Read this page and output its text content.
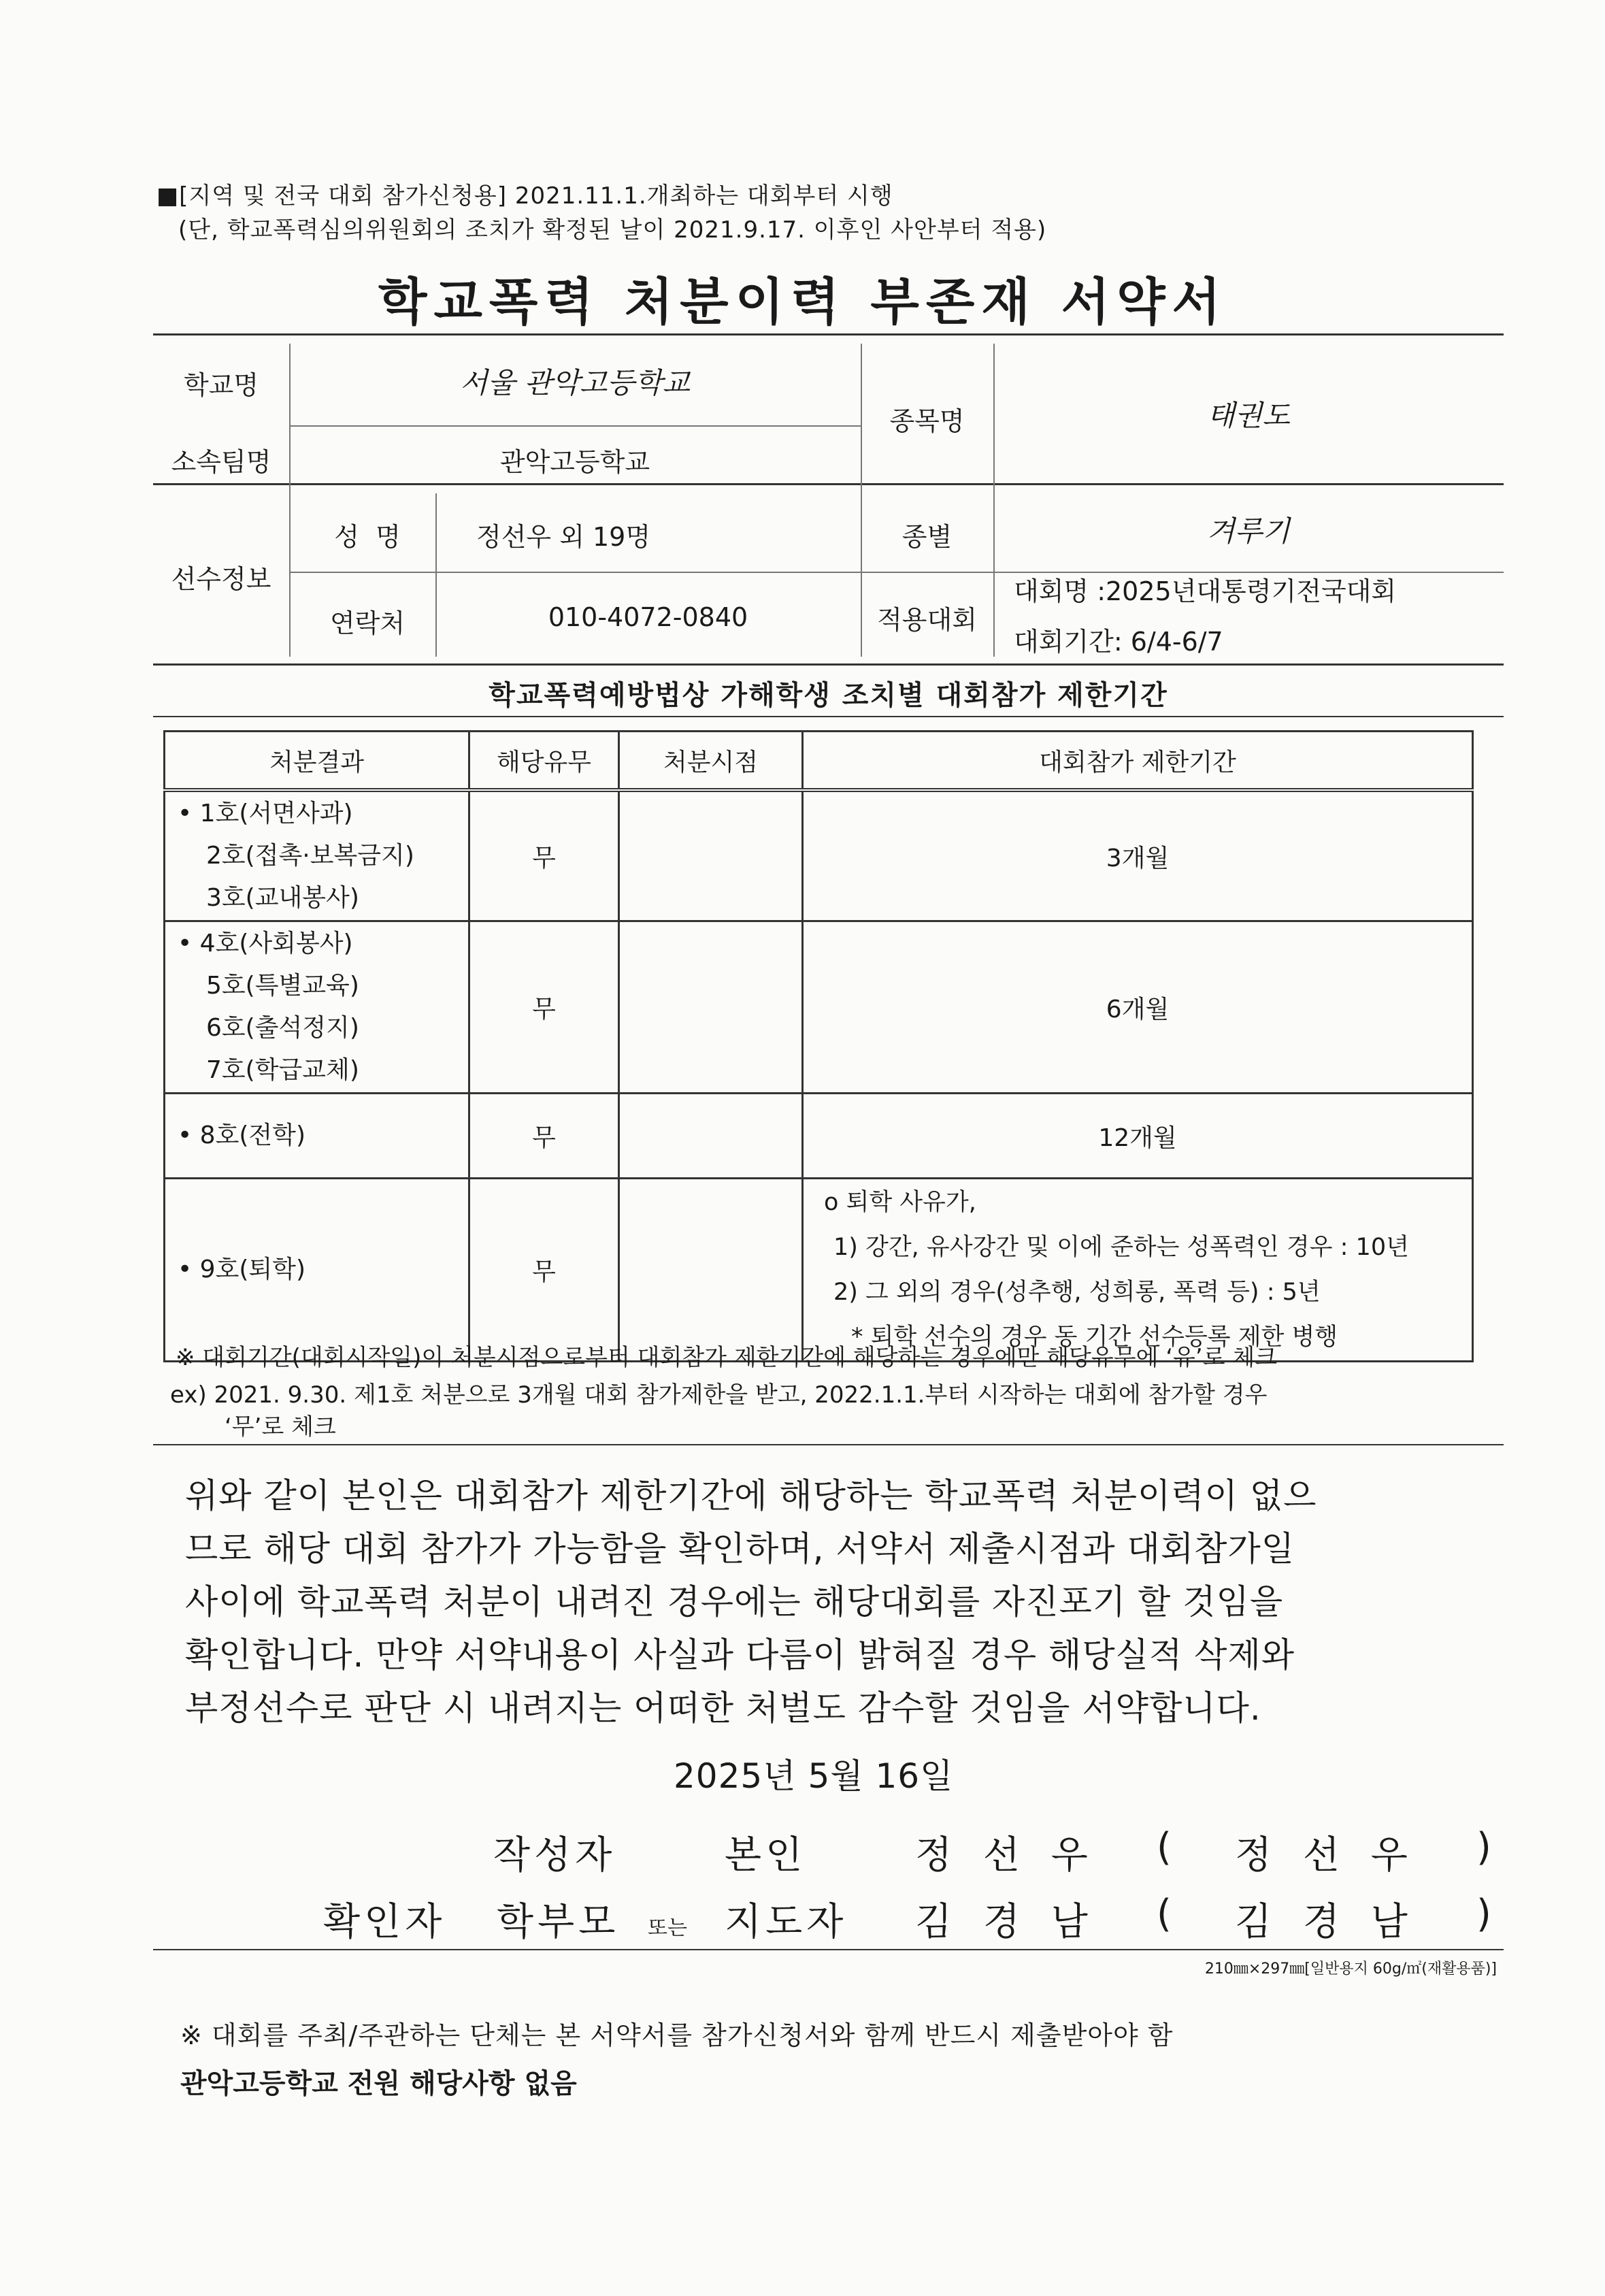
■[지역 및 전국 대회 참가신청용] 2021.11.1.개최하는 대회부터 시행
(단, 학교폭력심의위원회의 조치가 확정된 날이 2021.9.17. 이후인 사안부터 적용)
학교폭력 처분이력 부존재 서약서
학교명	서울 관악고등학교
종목명	태권도
소속팀명	관악고등학교
선수정보
성  명	정선우 외 19명	종별	겨루기
연락처	010-4072-0840	적용대회
대회명 :2025년대통령기전국대회
대회기간: 6/4-6/7
학교폭력예방법상 가해학생 조치별 대회참가 제한기간
처분결과	해당유무	처분시점	대회참가 제한기간

• 1호(서면사과)
2호(접촉·보복금지)
3호(교내봉사)	무		3개월

• 4호(사회봉사)
5호(특별교육)
6호(출석정지)
7호(학급교체)	무		6개월

• 8호(전학)	무		12개월

• 9호(퇴학)	무		o 퇴학 사유가,
1) 강간, 유사강간 및 이에 준하는 성폭력인 경우 : 10년
2) 그 외의 경우(성추행, 성희롱, 폭력 등) : 5년
* 퇴학 선수의 경우 동 기간 선수등록 제한 병행
※ 대회기간(대회시작일)이 처분시점으로부터 대회참가 제한기간에 해당하는 경우에만 해당유무에 ‘유’로 체크
ex) 2021. 9.30. 제1호 처분으로 3개월 대회 참가제한을 받고, 2022.1.1.부터 시작하는 대회에 참가할 경우
‘무’로 체크
위와 같이 본인은 대회참가 제한기간에 해당하는 학교폭력 처분이력이 없으
므로 해당 대회 참가가 가능함을 확인하며, 서약서 제출시점과 대회참가일
사이에 학교폭력 처분이 내려진 경우에는 해당대회를 자진포기 할 것임을
확인합니다. 만약 서약내용이 사실과 다름이 밝혀질 경우 해당실적 삭제와
부정선수로 판단 시 내려지는 어떠한 처벌도 감수할 것임을 서약합니다.
2025년 5월 16일
작성자	본인	정 선 우 ( 정 선 우 )
확인자 학부모 또는 지도자 김 경 남 ( 김 경 남 )
210㎜×297㎜[일반용지 60g/㎡(재활용품)]
※ 대회를 주최/주관하는 단체는 본 서약서를 참가신청서와 함께 반드시 제출받아야 함
관악고등학교 전원 해당사항 없음
